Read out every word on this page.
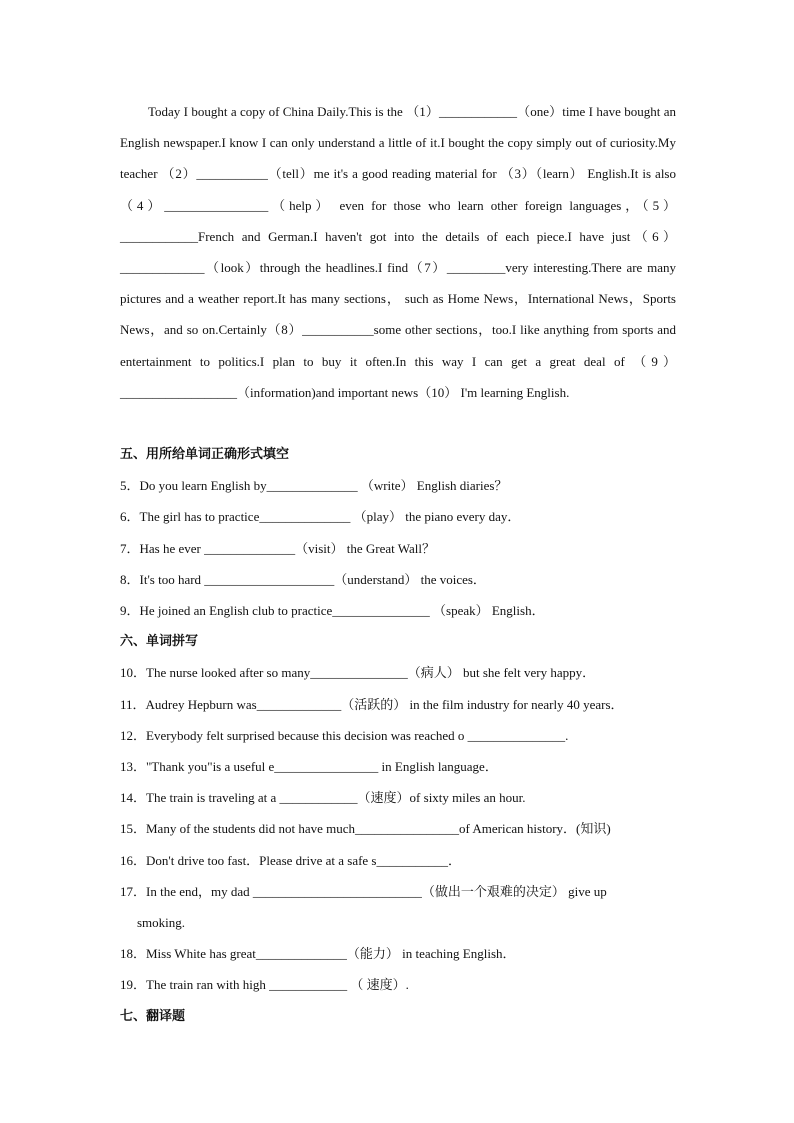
Today I bought a copy of China Daily.This is the （1）____________（one）time I have bought an English newspaper.I know I can only understand a little of it.I bought the copy simply out of curiosity.My teacher （2）___________（tell）me it's a good reading material for （3）（learn） English.It is also （4）________________（help） even for those who learn other foreign languages，（5）____________French and German.I haven't got into the details of each piece.I have just（6）_____________（look）through the headlines.I find（7）_________very interesting.There are many pictures and a weather report.It has many sections， such as Home News，International News，Sports News，and so on.Certainly（8）___________some other sections，too.I like anything from sports and entertainment to politics.I plan to buy it often.In this way I can get a great deal of （9）__________________（information)and important news（10） I'm learning English.

五、用所给单词正确形式填空
5．Do you learn English by______________ （write） English diaries？
6．The girl has to practice______________ （play） the piano every day．
7．Has he ever ______________（visit） the Great Wall？
8．It's too hard ____________________（understand） the voices．
9．He joined an English club to practice_______________ （speak） English．
六、单词拼写
10．The nurse looked after so many_______________（病人） but she felt very happy．
11．Audrey Hepburn was_____________（活跃的） in the film industry for nearly 40 years．
12．Everybody felt surprised because this decision was reached o _______________.
13．"Thank you"is a useful e________________ in English language．
14．The train is traveling at a ____________（速度）of sixty miles an hour.
15．Many of the students did not have much________________of American history．(知识)
16．Don't drive too fast．Please drive at a safe s___________．
17．In the end，my dad __________________________（做出一个艰难的决定） give up
smoking.
18．Miss White has great______________（能力） in teaching English．
19．The train ran with high ____________ （ 速度）.
七、翻译题
